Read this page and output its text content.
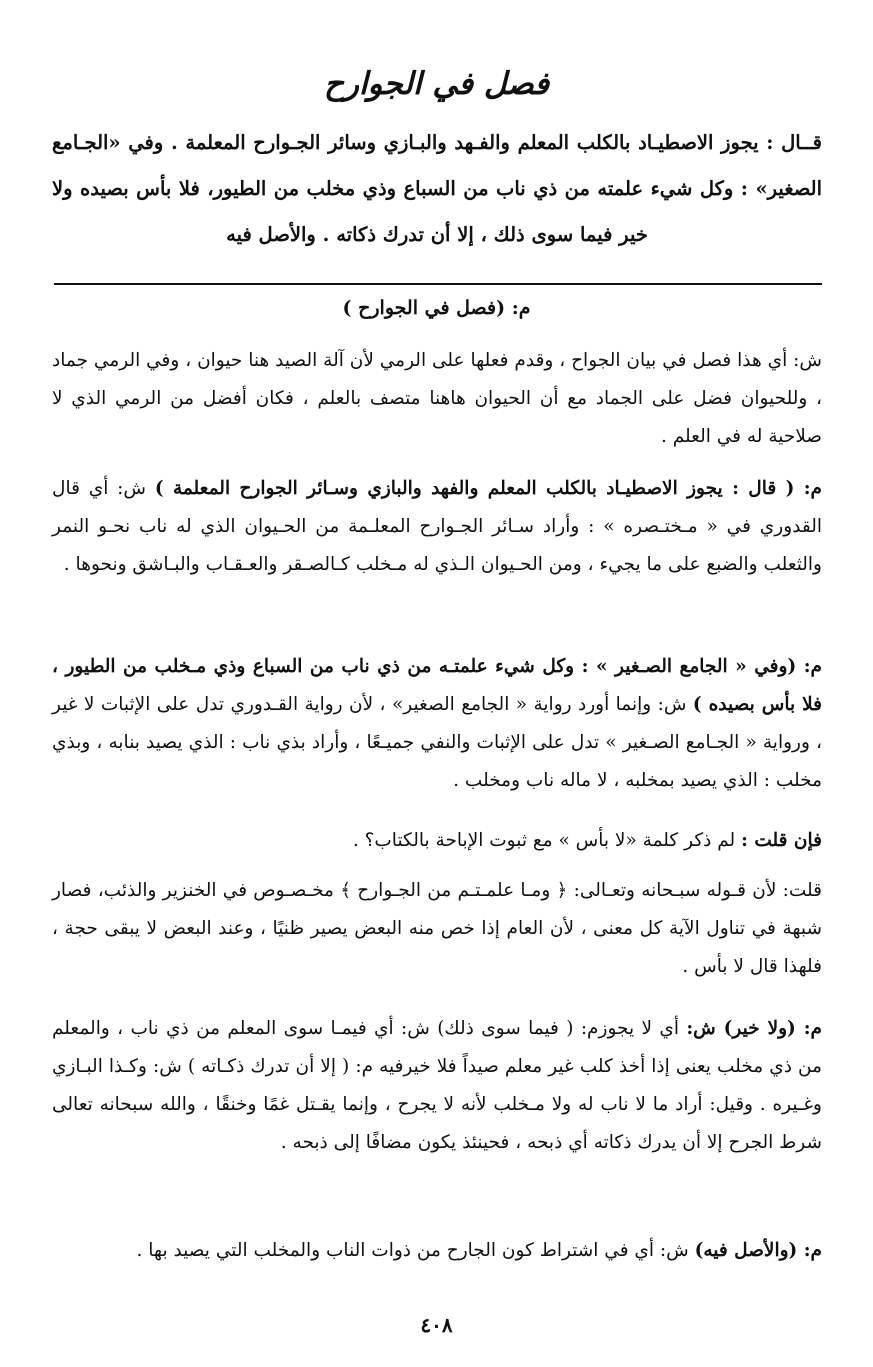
فصل في الجوارح
قــال : يجوز الاصطيـاد بالكلب المعلم والفـهد والبـازي وسائر الجـوارح المعلمة . وفي «الجـامع الصغير» : وكل شيء علمته من ذي ناب من السباع وذي مخلب من الطيور، فلا بأس بصيده ولا خير فيما سوى ذلك ، إلا أن تدرك ذكاته . والأصل فيه
م: (فصل في الجوارح )
ش: أي هذا فصل في بيان الجواح ، وقدم فعلها على الرمي لأن آلة الصيد هنا حيوان ، وفي الرمي جماد ، وللحيوان فضل على الجماد مع أن الحيوان هاهنا متصف بالعلم ، فكان أفضل من الرمي الذي لا صلاحية له في العلم .
م: ( قال : يجوز الاصطيـاد بالكلب المعلم والفهد والبازي وسـائر الجوارح المعلمة ) ش: أي قال القدوري في « مـختـصره » : وأراد سـائر الجـوارح المعلـمة من الحـيوان الذي له ناب نحـو النمر والثعلب والضبع على ما يجيء ، ومن الحـيوان الـذي له مـخلب كـالصـقر والعـقـاب والبـاشق ونحوها .
م: (وفي « الجامع الصـغير » : وكل شيء علمتـه من ذي ناب من السباع وذي مـخلب من الطيور ، فلا بأس بصيده ) ش: وإنما أورد رواية « الجامع الصغير» ، لأن رواية القـدوري تدل على الإثبات لا غير ، ورواية « الجـامع الصـغير » تدل على الإثبات والنفي جميـعًا ، وأراد بذي ناب : الذي يصيد بنابه ، وبذي مخلب : الذي يصيد بمخلبه ، لا ماله ناب ومخلب .
فإن قلت : لم ذكر كلمة «لا بأس » مع ثبوت الإباحة بالكتاب؟ .
قلت: لأن قـوله سبـحانه وتعـالى: ﴿ ومـا علمـتـم من الجـوارح ﴾ مخـصـوص في الخنزير والذئب، فصار شبهة في تناول الآية كل معنى ، لأن العام إذا خص منه البعض يصير ظنيًا ، وعند البعض لا يبقى حجة ، فلهذا قال لا بأس .
م: (ولا خير) ش: أي لا يجوزم: ( فيما سوى ذلك) ش: أي فيمـا سوى المعلم من ذي ناب ، والمعلم من ذي مخلب يعنى إذا أخذ كلب غير معلم صيداً فلا خيرفيه م: ( إلا أن تدرك ذكـاته ) ش: وكـذا البـازي وغـيره . وقيل: أراد ما لا ناب له ولا مـخلب لأنه لا يجرح ، وإنما يقـتل غمًا وخنقًا ، والله سبحانه تعالى شرط الجرح إلا أن يدرك ذكاته أي ذبحه ، فحينئذ يكون مضافًا إلى ذبحه .
م: (والأصل فيه) ش: أي في اشتراط كون الجارح من ذوات الناب والمخلب التي يصيد بها .
٤٠٨
